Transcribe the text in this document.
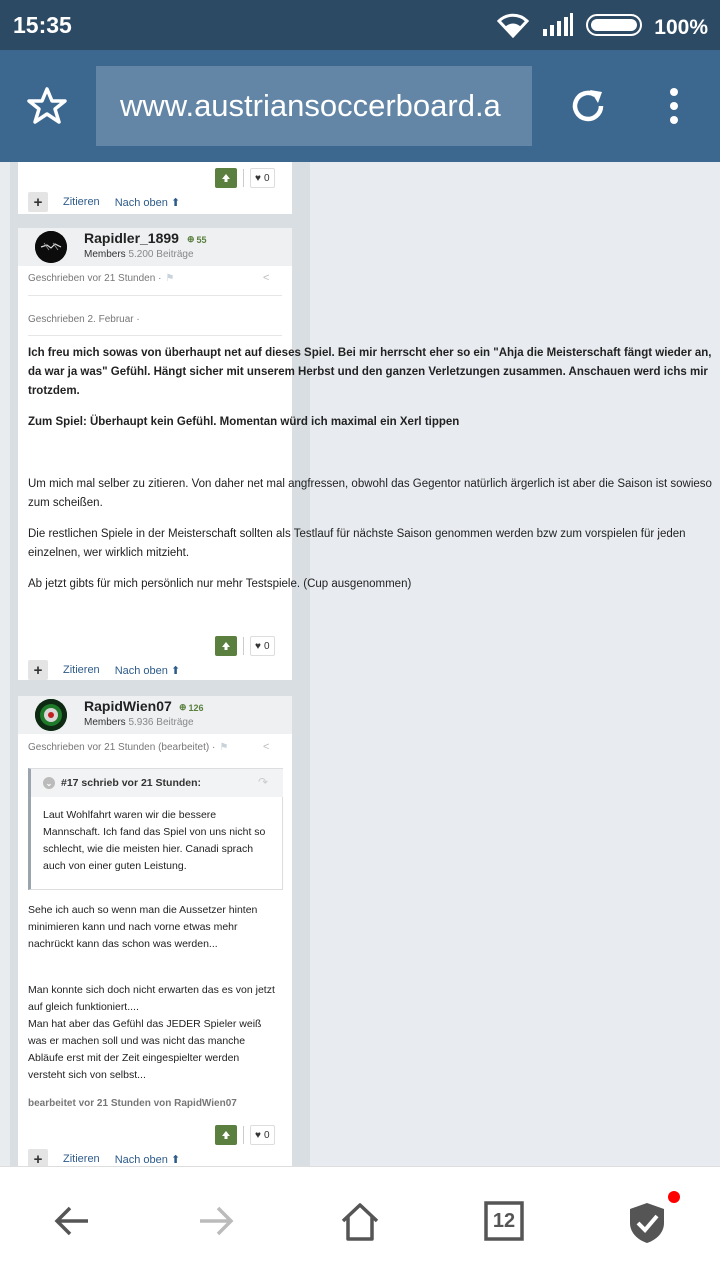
15:35	100%
www.austriansoccerboard.a
♥ 0
+	Zitieren Nach oben ⬆
Rapidler_1899 ⊕ 55
Members 5.200 Beiträge
Geschrieben vor 21 Stunden · ⚑	<
Geschrieben 2. Februar ·
Ich freu mich sowas von überhaupt net auf dieses Spiel. Bei mir herrscht eher so ein "Ahja die Meisterschaft fängt wieder an, da war ja was" Gefühl. Hängt sicher mit unserem Herbst und den ganzen Verletzungen zusammen. Anschauen werd ichs mir trotzdem.
Zum Spiel: Überhaupt kein Gefühl. Momentan würd ich maximal ein Xerl tippen
Um mich mal selber zu zitieren. Von daher net mal angfressen, obwohl das Gegentor natürlich ärgerlich ist aber die Saison ist sowieso zum scheißen.
Die restlichen Spiele in der Meisterschaft sollten als Testlauf für nächste Saison genommen werden bzw zum vorspielen für jeden einzelnen, wer wirklich mitzieht.
Ab jetzt gibts für mich persönlich nur mehr Testspiele. (Cup ausgenommen)
♥ 0
+	Zitieren Nach oben ⬆
RapidWien07 ⊕ 126
Members 5.936 Beiträge
Geschrieben vor 21 Stunden (bearbeitet) · ⚑	<
⌄ #17 schrieb vor 21 Stunden:	↷
Laut Wohlfahrt waren wir die bessere Mannschaft. Ich fand das Spiel von uns nicht so schlecht, wie die meisten hier. Canadi sprach auch von einer guten Leistung.
Sehe ich auch so wenn man die Aussetzer hinten minimieren kann und nach vorne etwas mehr nachrückt kann das schon was werden...
Man konnte sich doch nicht erwarten das es von jetzt auf gleich funktioniert....
Man hat aber das Gefühl das JEDER Spieler weiß was er machen soll und was nicht das manche Abläufe erst mit der Zeit eingespielter werden versteht sich von selbst...
bearbeitet vor 21 Stunden von RapidWien07
♥ 0
+	Zitieren Nach oben ⬆
12
